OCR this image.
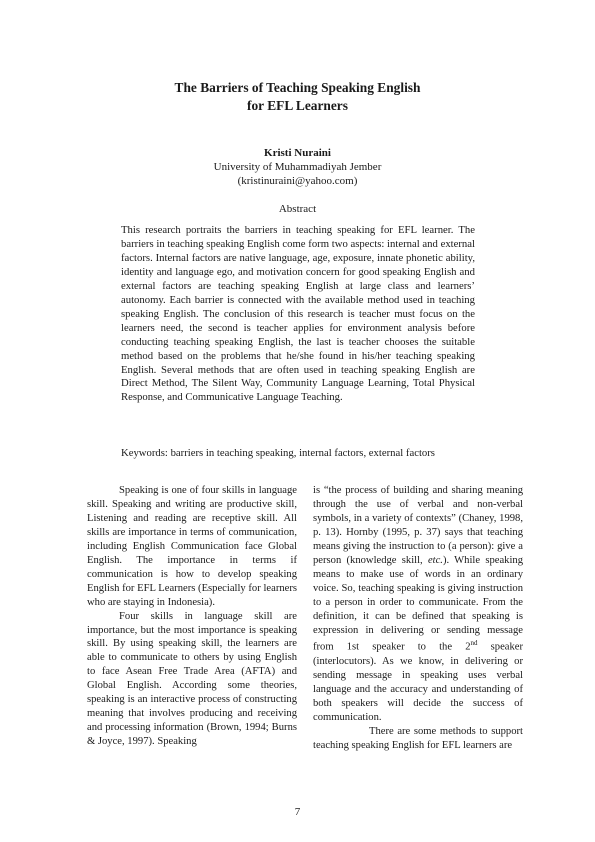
The Barriers of Teaching Speaking English
for EFL Learners
Kristi Nuraini
University of Muhammadiyah Jember
(kristinuraini@yahoo.com)
Abstract

This research portraits the barriers in teaching speaking for EFL learner. The barriers in teaching speaking English come form two aspects: internal and external factors. Internal factors are native language, age, exposure, innate phonetic ability, identity and language ego, and motivation concern for good speaking English and external factors are teaching speaking English at large class and learners’ autonomy. Each barrier is connected with the available method used in teaching speaking English. The conclusion of this research is teacher must focus on the learners need, the second is teacher applies for environment analysis before conducting teaching speaking English, the last is teacher chooses the suitable method based on the problems that he/she found in his/her teaching speaking English. Several methods that are often used in teaching speaking English are Direct Method, The Silent Way, Community Language Learning, Total Physical Response, and Communicative Language Teaching.

Keywords: barriers in teaching speaking, internal factors, external factors

Speaking is one of four skills in language skill. Speaking and writing are productive skill, Listening and reading are receptive skill. All skills are importance in terms of communication, including English Communication face Global English. The importance in terms if communication is how to develop speaking English for EFL Learners (Especially for learners who are staying in Indonesia).

Four skills in language skill are importance, but the most importance is speaking skill. By using speaking skill, the learners are able to communicate to others by using English to face Asean Free Trade Area (AFTA) and Global English. According some theories, speaking is an interactive process of constructing meaning that involves producing and receiving and processing information (Brown, 1994; Burns & Joyce, 1997). Speaking

is “the process of building and sharing meaning through the use of verbal and non-verbal symbols, in a variety of contexts” (Chaney, 1998, p. 13). Hornby (1995, p. 37) says that teaching means giving the instruction to (a person): give a person (knowledge skill, etc.). While speaking means to make use of words in an ordinary voice. So, teaching speaking is giving instruction to a person in order to communicate. From the definition, it can be defined that speaking is expression in delivering or sending message from 1st speaker to the 2nd speaker (interlocutors). As we know, in delivering or sending message in speaking uses verbal language and the accuracy and understanding of both speakers will decide the success of communication.

There are some methods to support teaching speaking English for EFL learners are

7
